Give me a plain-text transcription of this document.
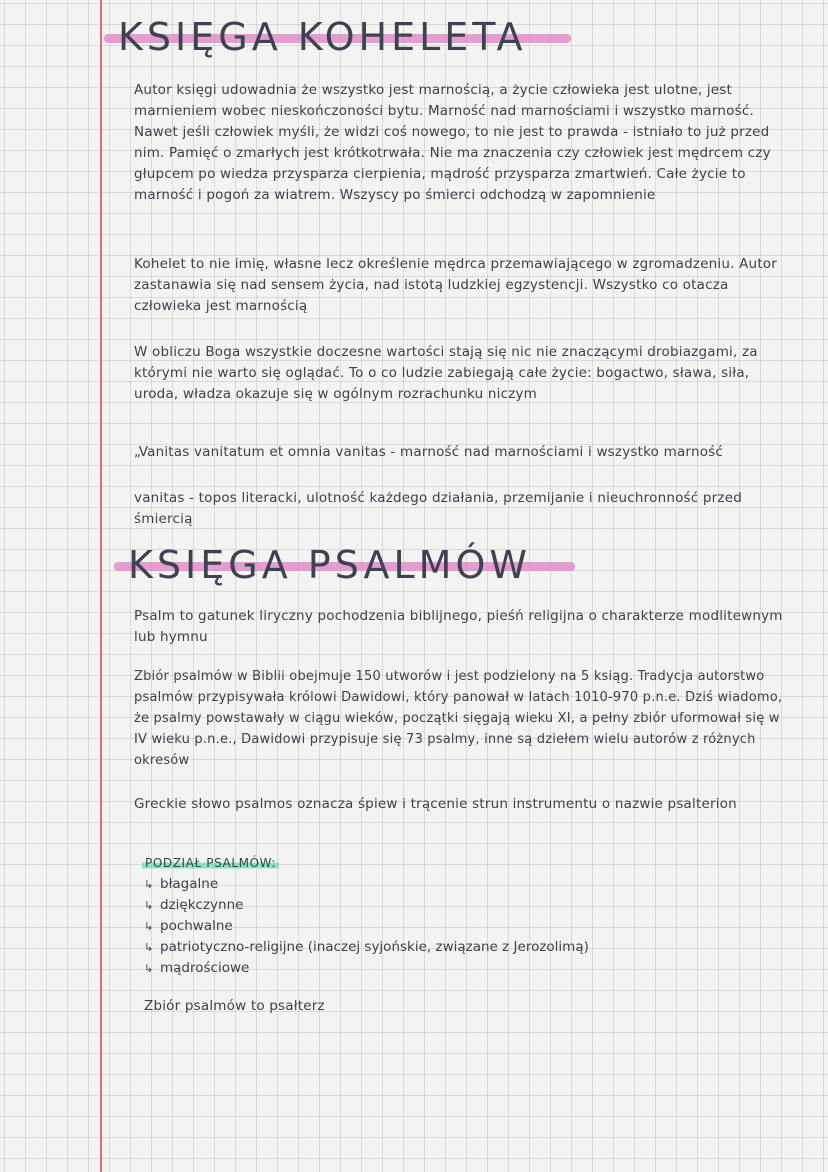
KSIĘGA KOHELETA

Autor księgi udowadnia że wszystko jest marnością, a życie człowieka jest ulotne, jest marnieniem wobec nieskończoności bytu. Marność nad marnościami i wszystko marność. Nawet jeśli człowiek myśli, że widzi coś nowego, to nie jest to prawda - istniało to już przed nim. Pamięć o zmarłych jest krótkotrwała. Nie ma znaczenia czy człowiek jest mędrcem czy głupcem po wiedza przysparza cierpienia, mądrość przysparza zmartwień. Całe życie to marność i pogoń za wiatrem. Wszyscy po śmierci odchodzą w zapomnienie

Kohelet to nie imię, własne lecz określenie mędrca przemawiającego w zgromadzeniu. Autor zastanawia się nad sensem życia, nad istotą ludzkiej egzystencji. Wszystko co otacza człowieka jest marnością

W obliczu Boga wszystkie doczesne wartości stają się nic nie znaczącymi drobiazgami, za którymi nie warto się oglądać. To o co ludzie zabiegają całe życie: bogactwo, sława, siła, uroda, władza okazuje się w ogólnym rozrachunku niczym

„Vanitas vanitatum et omnia vanitas - marność nad marnościami i wszystko marność

vanitas - topos literacki, ulotność każdego działania, przemijanie i nieuchronność przed śmiercią

KSIĘGA PSALMÓW

Psalm to gatunek liryczny pochodzenia biblijnego, pieśń religijna o charakterze modlitewnym lub hymnu

Zbiór psalmów w Biblii obejmuje 150 utworów i jest podzielony na 5 ksiąg. Tradycja autorstwo psalmów przypisywała królowi Dawidowi, który panował w latach 1010-970 p.n.e. Dziś wiadomo, że psalmy powstawały w ciągu wieków, początki sięgają wieku XI, a pełny zbiór uformował się w IV wieku p.n.e., Dawidowi przypisuje się 73 psalmy, inne są dziełem wielu autorów z różnych okresów

Greckie słowo psalmos oznacza śpiew i trącenie strun instrumentu o nazwie psalterion

PODZIAŁ PSALMÓW:
↳ błagalne
↳ dziękczynne
↳ pochwalne
↳ patriotyczno-religijne (inaczej syjońskie, związane z Jerozolimą)
↳ mądrościowe

Zbiór psalmów to psałterz
